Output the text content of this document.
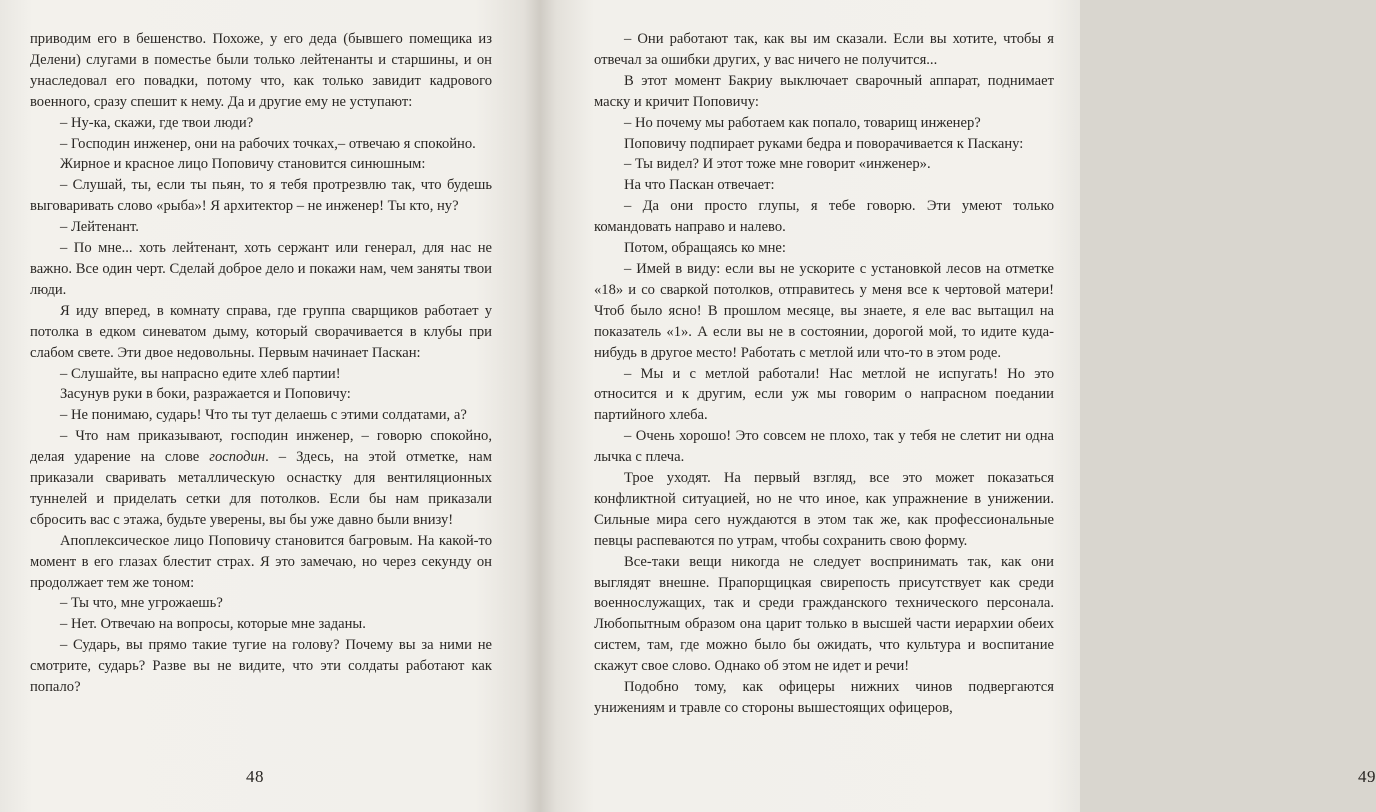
приводим его в бешенство. Похоже, у его деда (бывшего помещика из Делени) слугами в поместье были только лейтенанты и старшины, и он унаследовал его повадки, потому что, как только завидит кадрового военного, сразу спешит к нему. Да и другие ему не уступают:

– Ну-ка, скажи, где твои люди?

– Господин инженер, они на рабочих точках,– отвечаю я спокойно.

Жирное и красное лицо Поповичу становится синюшным:

– Слушай, ты, если ты пьян, то я тебя протрезвлю так, что будешь выговаривать слово «рыба»! Я архитектор – не инженер! Ты кто, ну?

– Лейтенант.

– По мне... хоть лейтенант, хоть сержант или генерал, для нас не важно. Все один черт. Сделай доброе дело и покажи нам, чем заняты твои люди.

Я иду вперед, в комнату справа, где группа сварщиков работает у потолка в едком синеватом дыму, который сворачивается в клубы при слабом свете. Эти двое недовольны. Первым начинает Паскан:

– Слушайте, вы напрасно едите хлеб партии!

Засунув руки в боки, разражается и Поповичу:

– Не понимаю, сударь! Что ты тут делаешь с этими солдатами, а?

– Что нам приказывают, господин инженер, – говорю спокойно, делая ударение на слове господин. – Здесь, на этой отметке, нам приказали сваривать металлическую оснастку для вентиляционных туннелей и приделать сетки для потолков. Если бы нам приказали сбросить вас с этажа, будьте уверены, вы бы уже давно были внизу!

Апоплексическое лицо Поповичу становится багровым. На какой-то момент в его глазах блестит страх. Я это замечаю, но через секунду он продолжает тем же тоном:

– Ты что, мне угрожаешь?

– Нет. Отвечаю на вопросы, которые мне заданы.

– Сударь, вы прямо такие тугие на голову? Почему вы за ними не смотрите, сударь? Разве вы не видите, что эти солдаты работают как попало?

48	49

– Они работают так, как вы им сказали. Если вы хотите, чтобы я отвечал за ошибки других, у вас ничего не получится...

В этот момент Бакриу выключает сварочный аппарат, поднимает маску и кричит Поповичу:

– Но почему мы работаем как попало, товарищ инженер?

Поповичу подпирает руками бедра и поворачивается к Паскану:

– Ты видел? И этот тоже мне говорит «инженер».

На что Паскан отвечает:

– Да они просто глупы, я тебе говорю. Эти умеют только командовать направо и налево.

Потом, обращаясь ко мне:

– Имей в виду: если вы не ускорите с установкой лесов на отметке «18» и со сваркой потолков, отправитесь у меня все к чертовой матери! Чтоб было ясно! В прошлом месяце, вы знаете, я еле вас вытащил на показатель «1». А если вы не в состоянии, дорогой мой, то идите куда-нибудь в другое место! Работать с метлой или что-то в этом роде.

– Мы и с метлой работали! Нас метлой не испугать! Но это относится и к другим, если уж мы говорим о напрасном поедании партийного хлеба.

– Очень хорошо! Это совсем не плохо, так у тебя не слетит ни одна лычка с плеча.

Трое уходят. На первый взгляд, все это может показаться конфликтной ситуацией, но не что иное, как упражнение в унижении. Сильные мира сего нуждаются в этом так же, как профессиональные певцы распеваются по утрам, чтобы сохранить свою форму.

Все-таки вещи никогда не следует воспринимать так, как они выглядят внешне. Прапорщицкая свирепость присутствует как среди военнослужащих, так и среди гражданского технического персонала. Любопытным образом она царит только в высшей части иерархии обеих систем, там, где можно было бы ожидать, что культура и воспитание скажут свое слово. Однако об этом не идет и речи!

Подобно тому, как офицеры нижних чинов подвергаются унижениям и травле со стороны вышестоящих офицеров,
